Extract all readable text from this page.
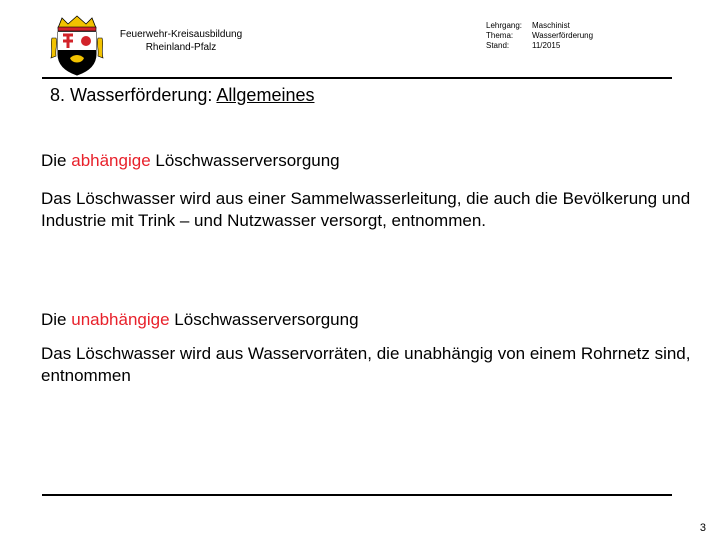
Feuerwehr-Kreisausbildung
Rheinland-Pfalz
Lehrgang:	Maschinist
Thema:	Wasserförderung
Stand:	11/2015
8. Wasserförderung: Allgemeines
Die abhängige Löschwasserversorgung
Das Löschwasser wird aus einer Sammelwasserleitung, die auch die Bevölkerung und Industrie mit Trink – und Nutzwasser versorgt, entnommen.
Die unabhängige Löschwasserversorgung
Das Löschwasser wird aus Wasservorräten, die unabhängig von einem Rohrnetz sind, entnommen
3
